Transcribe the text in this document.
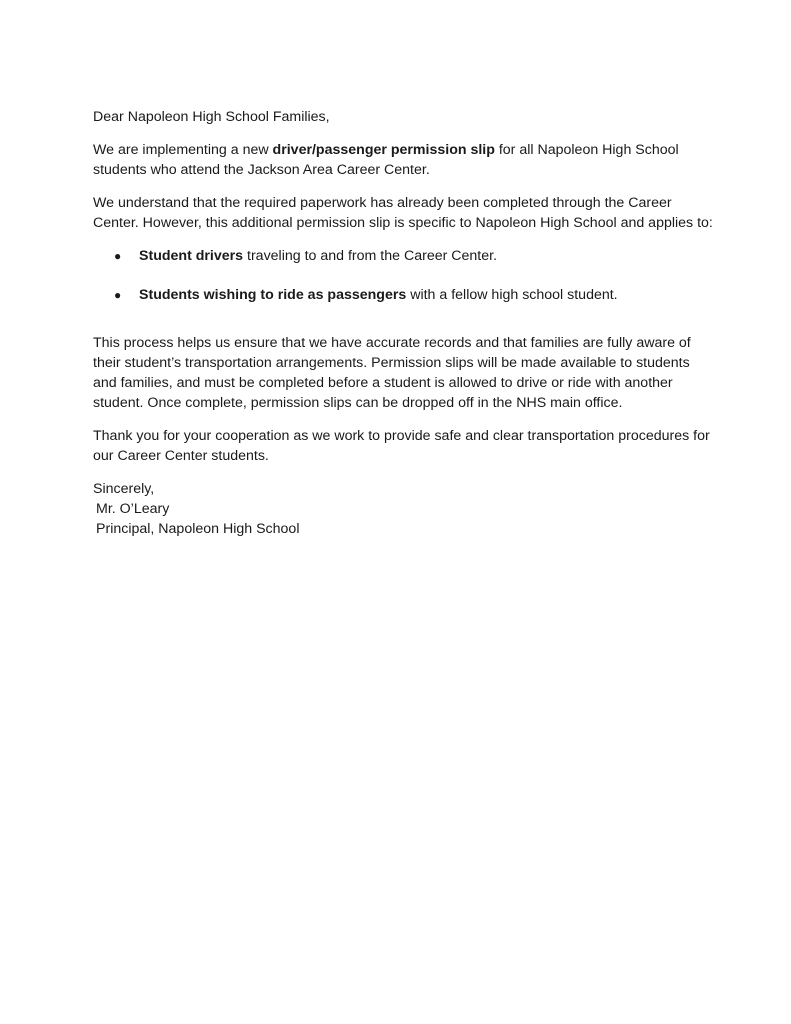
Dear Napoleon High School Families,

We are implementing a new driver/passenger permission slip for all Napoleon High School students who attend the Jackson Area Career Center.

We understand that the required paperwork has already been completed through the Career Center. However, this additional permission slip is specific to Napoleon High School and applies to:

● Student drivers traveling to and from the Career Center.
● Students wishing to ride as passengers with a fellow high school student.

This process helps us ensure that we have accurate records and that families are fully aware of their student’s transportation arrangements. Permission slips will be made available to students and families, and must be completed before a student is allowed to drive or ride with another student. Once complete, permission slips can be dropped off in the NHS main office.

Thank you for your cooperation as we work to provide safe and clear transportation procedures for our Career Center students.

Sincerely,

Mr. O’Leary

Principal, Napoleon High School
